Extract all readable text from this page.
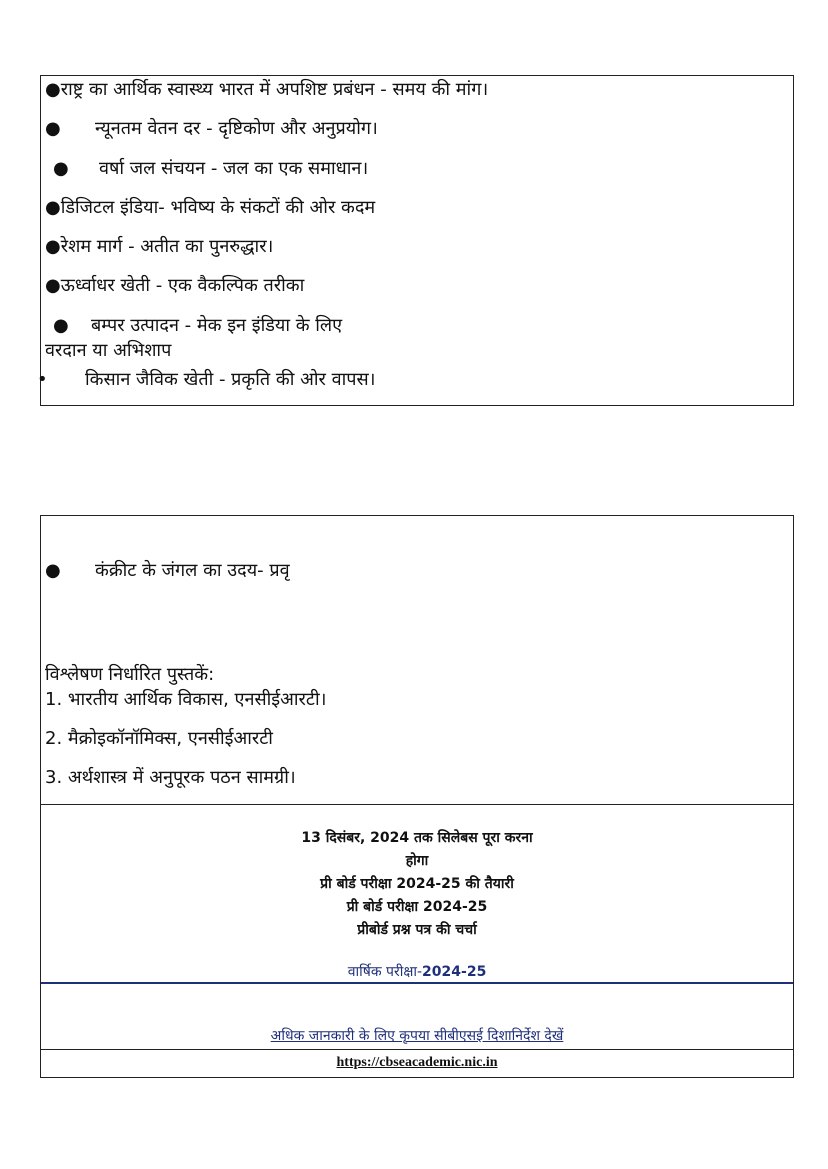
●राष्ट्र का आर्थिक स्वास्थ्य भारत में अपशिष्ट प्रबंधन - समय की मांग।
● न्यूनतम वेतन दर - दृष्टिकोण और अनुप्रयोग।
● वर्षा जल संचयन - जल का एक समाधान।
●डिजिटल इंडिया- भविष्य के संकटों की ओर कदम
●रेशम मार्ग - अतीत का पुनरुद्धार।
●ऊर्ध्वाधर खेती - एक वैकल्पिक तरीका
● बम्पर उत्पादन - मेक इन इंडिया के लिए
वरदान या अभिशाप
• किसान जैविक खेती - प्रकृति की ओर वापस।
● कंक्रीट के जंगल का उदय- प्रवृ
विश्लेषण निर्धारित पुस्तकें:
1. भारतीय आर्थिक विकास, एनसीईआरटी।
2. मैक्रोइकॉनॉमिक्स, एनसीईआरटी
3. अर्थशास्त्र में अनुपूरक पठन सामग्री।
13 दिसंबर, 2024 तक सिलेबस पूरा करना
होगा
प्री बोर्ड परीक्षा 2024-25 की तैयारी
प्री बोर्ड परीक्षा 2024-25
प्रीबोर्ड प्रश्न पत्र की चर्चा
वार्षिक परीक्षा-2024-25
अधिक जानकारी के लिए कृपया सीबीएसई दिशानिर्देश देखें
https://cbseacademic.nic.in
